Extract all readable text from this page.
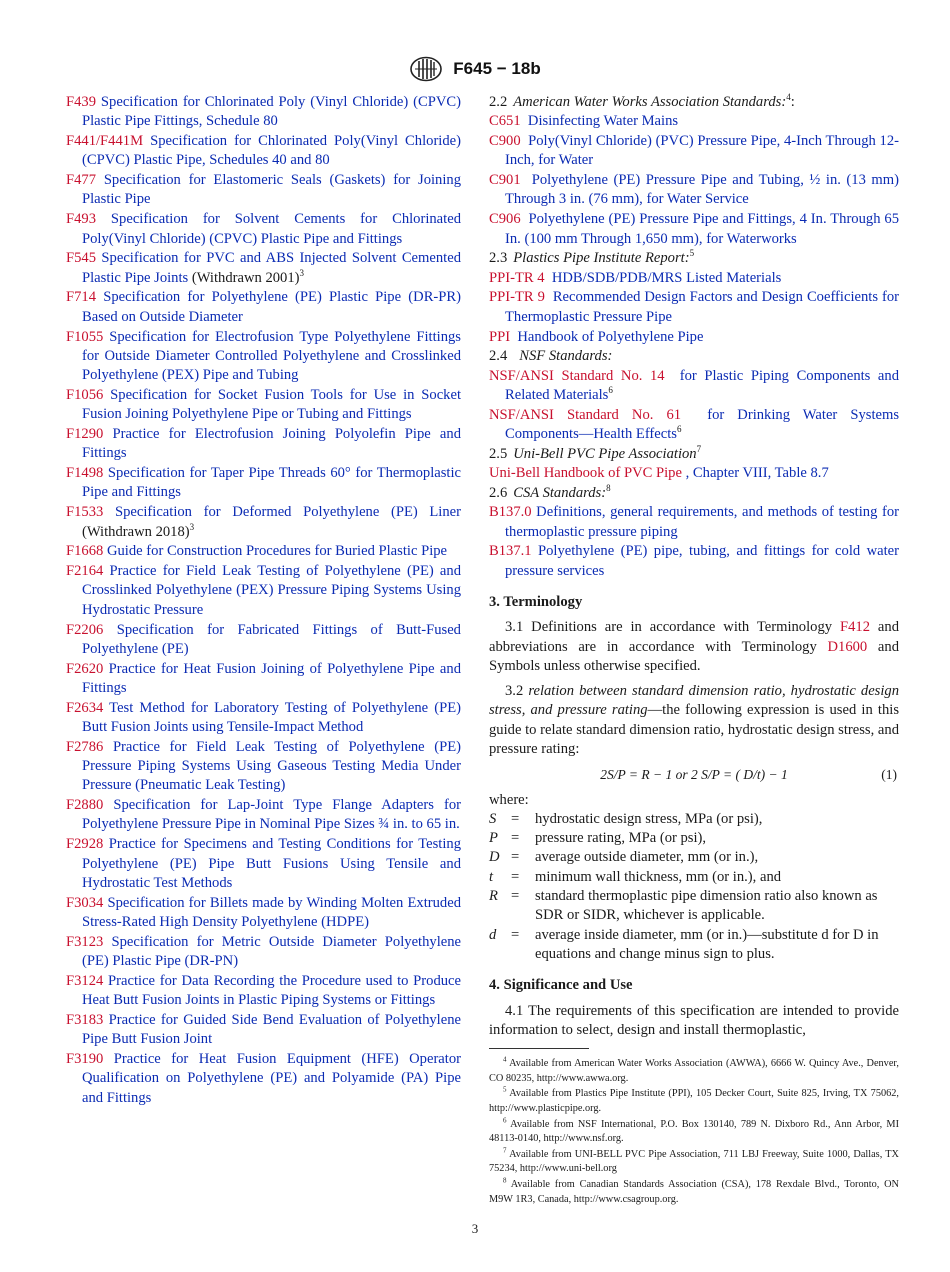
F645 − 18b

F439 Specification for Chlorinated Poly (Vinyl Chloride) (CPVC) Plastic Pipe Fittings, Schedule 80

F441/F441M Specification for Chlorinated Poly(Vinyl Chloride) (CPVC) Plastic Pipe, Schedules 40 and 80

F477 Specification for Elastomeric Seals (Gaskets) for Joining Plastic Pipe

F493 Specification for Solvent Cements for Chlorinated Poly(Vinyl Chloride) (CPVC) Plastic Pipe and Fittings

F545 Specification for PVC and ABS Injected Solvent Cemented Plastic Pipe Joints (Withdrawn 2001)$^3$

F714 Specification for Polyethylene (PE) Plastic Pipe (DR-PR) Based on Outside Diameter

F1055 Specification for Electrofusion Type Polyethylene Fittings for Outside Diameter Controlled Polyethylene and Crosslinked Polyethylene (PEX) Pipe and Tubing

F1056 Specification for Socket Fusion Tools for Use in Socket Fusion Joining Polyethylene Pipe or Tubing and Fittings

F1290 Practice for Electrofusion Joining Polyolefin Pipe and Fittings

F1498 Specification for Taper Pipe Threads 60° for Thermoplastic Pipe and Fittings

F1533 Specification for Deformed Polyethylene (PE) Liner (Withdrawn 2018)$^3$

F1668 Guide for Construction Procedures for Buried Plastic Pipe

F2164 Practice for Field Leak Testing of Polyethylene (PE) and Crosslinked Polyethylene (PEX) Pressure Piping Systems Using Hydrostatic Pressure

F2206 Specification for Fabricated Fittings of Butt-Fused Polyethylene (PE)

F2620 Practice for Heat Fusion Joining of Polyethylene Pipe and Fittings

F2634 Test Method for Laboratory Testing of Polyethylene (PE) Butt Fusion Joints using Tensile-Impact Method

F2786 Practice for Field Leak Testing of Polyethylene (PE) Pressure Piping Systems Using Gaseous Testing Media Under Pressure (Pneumatic Leak Testing)

F2880 Specification for Lap-Joint Type Flange Adapters for Polyethylene Pressure Pipe in Nominal Pipe Sizes ¾ in. to 65 in.

F2928 Practice for Specimens and Testing Conditions for Testing Polyethylene (PE) Pipe Butt Fusions Using Tensile and Hydrostatic Test Methods

F3034 Specification for Billets made by Winding Molten Extruded Stress-Rated High Density Polyethylene (HDPE)

F3123 Specification for Metric Outside Diameter Polyethylene (PE) Plastic Pipe (DR-PN)

F3124 Practice for Data Recording the Procedure used to Produce Heat Butt Fusion Joints in Plastic Piping Systems or Fittings

F3183 Practice for Guided Side Bend Evaluation of Polyethylene Pipe Butt Fusion Joint

F3190 Practice for Heat Fusion Equipment (HFE) Operator Qualification on Polyethylene (PE) and Polyamide (PA) Pipe and Fittings

2.2 American Water Works Association Standards:$^4$:

C651 Disinfecting Water Mains

C900 Poly(Vinyl Chloride) (PVC) Pressure Pipe, 4-Inch Through 12-Inch, for Water

C901 Polyethylene (PE) Pressure Pipe and Tubing, ½ in. (13 mm) Through 3 in. (76 mm), for Water Service

C906 Polyethylene (PE) Pressure Pipe and Fittings, 4 In. Through 65 In. (100 mm Through 1,650 mm), for Waterworks

2.3 Plastics Pipe Institute Report:$^5$

PPI-TR 4 HDB/SDB/PDB/MRS Listed Materials

PPI-TR 9 Recommended Design Factors and Design Coefficients for Thermoplastic Pressure Pipe

PPI Handbook of Polyethylene Pipe

2.4 NSF Standards:

NSF/ANSI Standard No. 14 for Plastic Piping Components and Related Materials$^6$

NSF/ANSI Standard No. 61 for Drinking Water Systems Components—Health Effects$^6$

2.5 Uni-Bell PVC Pipe Association$^7$

Uni-Bell Handbook of PVC Pipe , Chapter VIII, Table 8.7

2.6 CSA Standards:$^8$

B137.0 Definitions, general requirements, and methods of testing for thermoplastic pressure piping

B137.1 Polyethylene (PE) pipe, tubing, and fittings for cold water pressure services

3. Terminology

3.1 Definitions are in accordance with Terminology F412 and abbreviations are in accordance with Terminology D1600 and Symbols unless otherwise specified.

3.2 relation between standard dimension ratio, hydrostatic design stress, and pressure rating—the following expression is used in this guide to relate standard dimension ratio, hydrostatic design stress, and pressure rating:

2S/P = R − 1 or 2 S/P = ( D/t) − 1	(1)

where:

S	=	hydrostatic design stress, MPa (or psi),
P =	pressure rating, MPa (or psi),
D =	average outside diameter, mm (or in.),
t	=	minimum wall thickness, mm (or in.), and
R =	standard thermoplastic pipe dimension ratio also known as SDR or SIDR, whichever is applicable.
d	=	average inside diameter, mm (or in.)—substitute d for D in equations and change minus sign to plus.

4. Significance and Use

4.1 The requirements of this specification are intended to provide information to select, design and install thermoplastic,

$^4$ Available from American Water Works Association (AWWA), 6666 W. Quincy Ave., Denver, CO 80235, http://www.awwa.org.

$^5$ Available from Plastics Pipe Institute (PPI), 105 Decker Court, Suite 825, Irving, TX 75062, http://www.plasticpipe.org.

$^6$ Available from NSF International, P.O. Box 130140, 789 N. Dixboro Rd., Ann Arbor, MI 48113-0140, http://www.nsf.org.

$^7$ Available from UNI-BELL PVC Pipe Association, 711 LBJ Freeway, Suite 1000, Dallas, TX 75234, http://www.uni-bell.org

$^8$ Available from Canadian Standards Association (CSA), 178 Rexdale Blvd., Toronto, ON M9W 1R3, Canada, http://www.csagroup.org.

3
